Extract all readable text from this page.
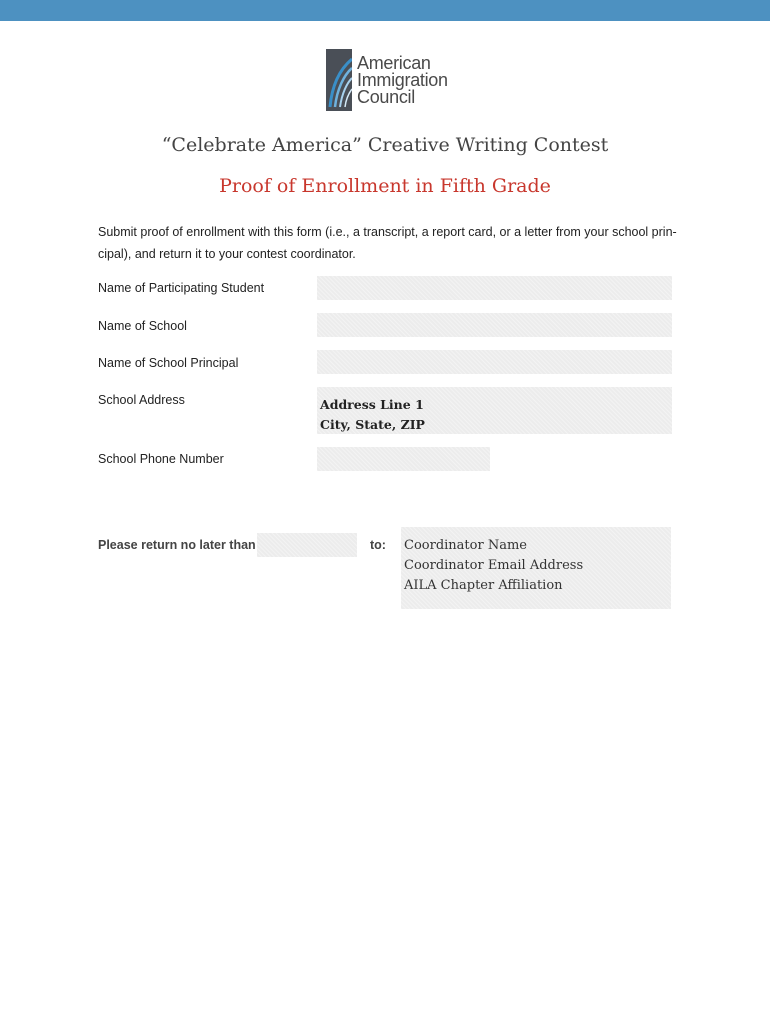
American
Immigration
Council
“Celebrate America” Creative Writing Contest
Proof of Enrollment in Fifth Grade
Submit proof of enrollment with this form (i.e., a transcript, a report card, or a letter from your school prin-
cipal), and return it to your contest coordinator.
Name of Participating Student
Name of School
Name of School Principal
School Address	Address Line 1
City, State, ZIP
School Phone Number
Please return no later than	to: Coordinator Name
Coordinator Email Address
AILA Chapter Affiliation
